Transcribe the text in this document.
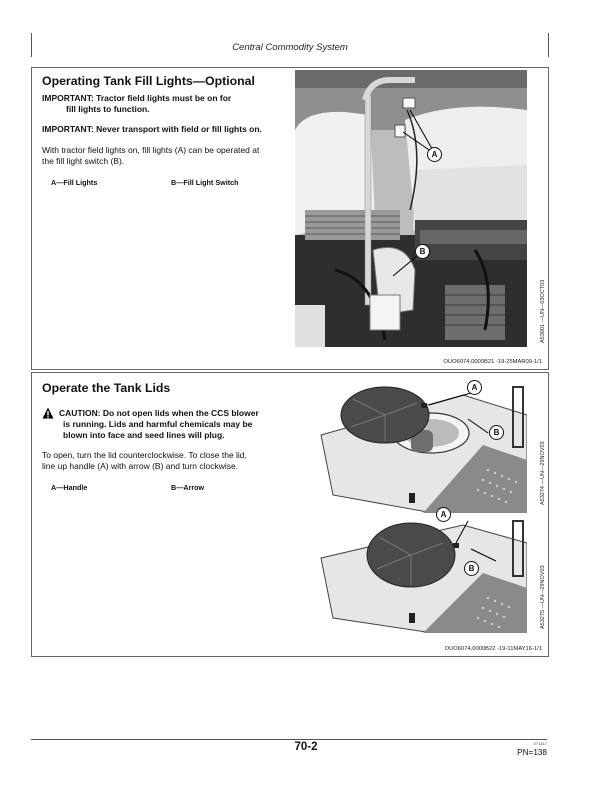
Central Commodity System
Operating Tank Fill Lights—Optional
IMPORTANT: Tractor field lights must be on for
fill lights to function.
IMPORTANT: Never transport with field or fill lights on.
With tractor field lights on, fill lights (A) can be operated at
the fill light switch (B).
A—Fill Lights	B—Fill Light Switch
A
B
A53001 —UN—03OCT03
OUO6074,0000B21 -19-25MAR09-1/1
Operate the Tank Lids
CAUTION: Do not open lids when the CCS blower
is running. Lids and harmful chemicals may be
blown into face and seed lines will plug.
To open, turn the lid counterclockwise. To close the lid,
line up handle (A) with arrow (B) and turn clockwise.
A—Handle	B—Arrow
A
B
A53274 —UN—29NOV03
A
B	A53275 —UN—29NOV03
OUO6074,0000B22 -19-11MAY16-1/1
70-2	071417
PN=138
